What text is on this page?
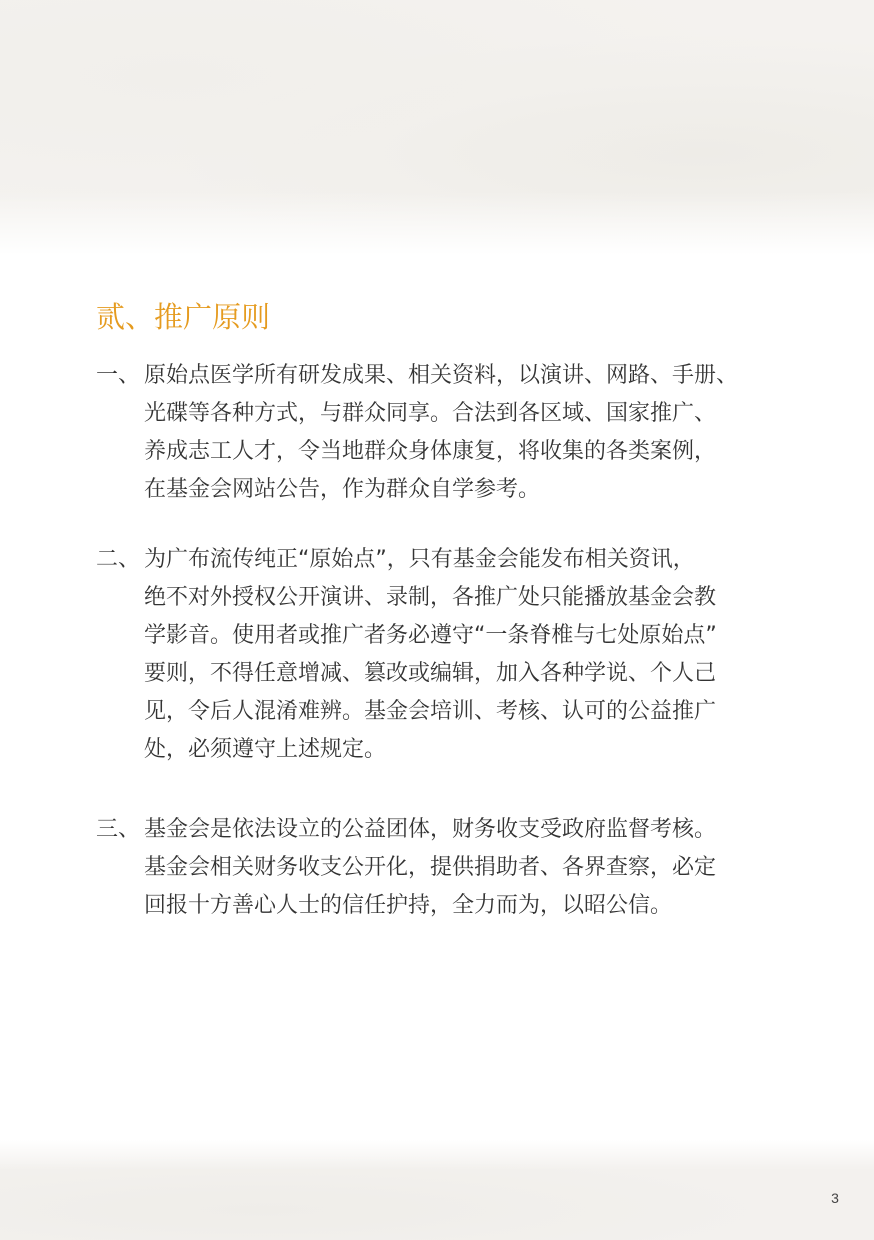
贰、推广原则
一、 原始点医学所有研发成果、相关资料，以演讲、网路、手册、
光碟等各种方式，与群众同享。合法到各区域、国家推广、
养成志工人才，令当地群众身体康复，将收集的各类案例，
在基金会网站公告，作为群众自学参考。
二、 为广布流传纯正“原始点”，只有基金会能发布相关资讯，
绝不对外授权公开演讲、录制，各推广处只能播放基金会教
学影音。使用者或推广者务必遵守“一条脊椎与七处原始点”
要则，不得任意增减、篡改或编辑，加入各种学说、个人己
见，令后人混淆难辨。基金会培训、考核、认可的公益推广
处，必须遵守上述规定。
三、 基金会是依法设立的公益团体，财务收支受政府监督考核。
基金会相关财务收支公开化，提供捐助者、各界查察，必定
回报十方善心人士的信任护持，全力而为，以昭公信。
3
